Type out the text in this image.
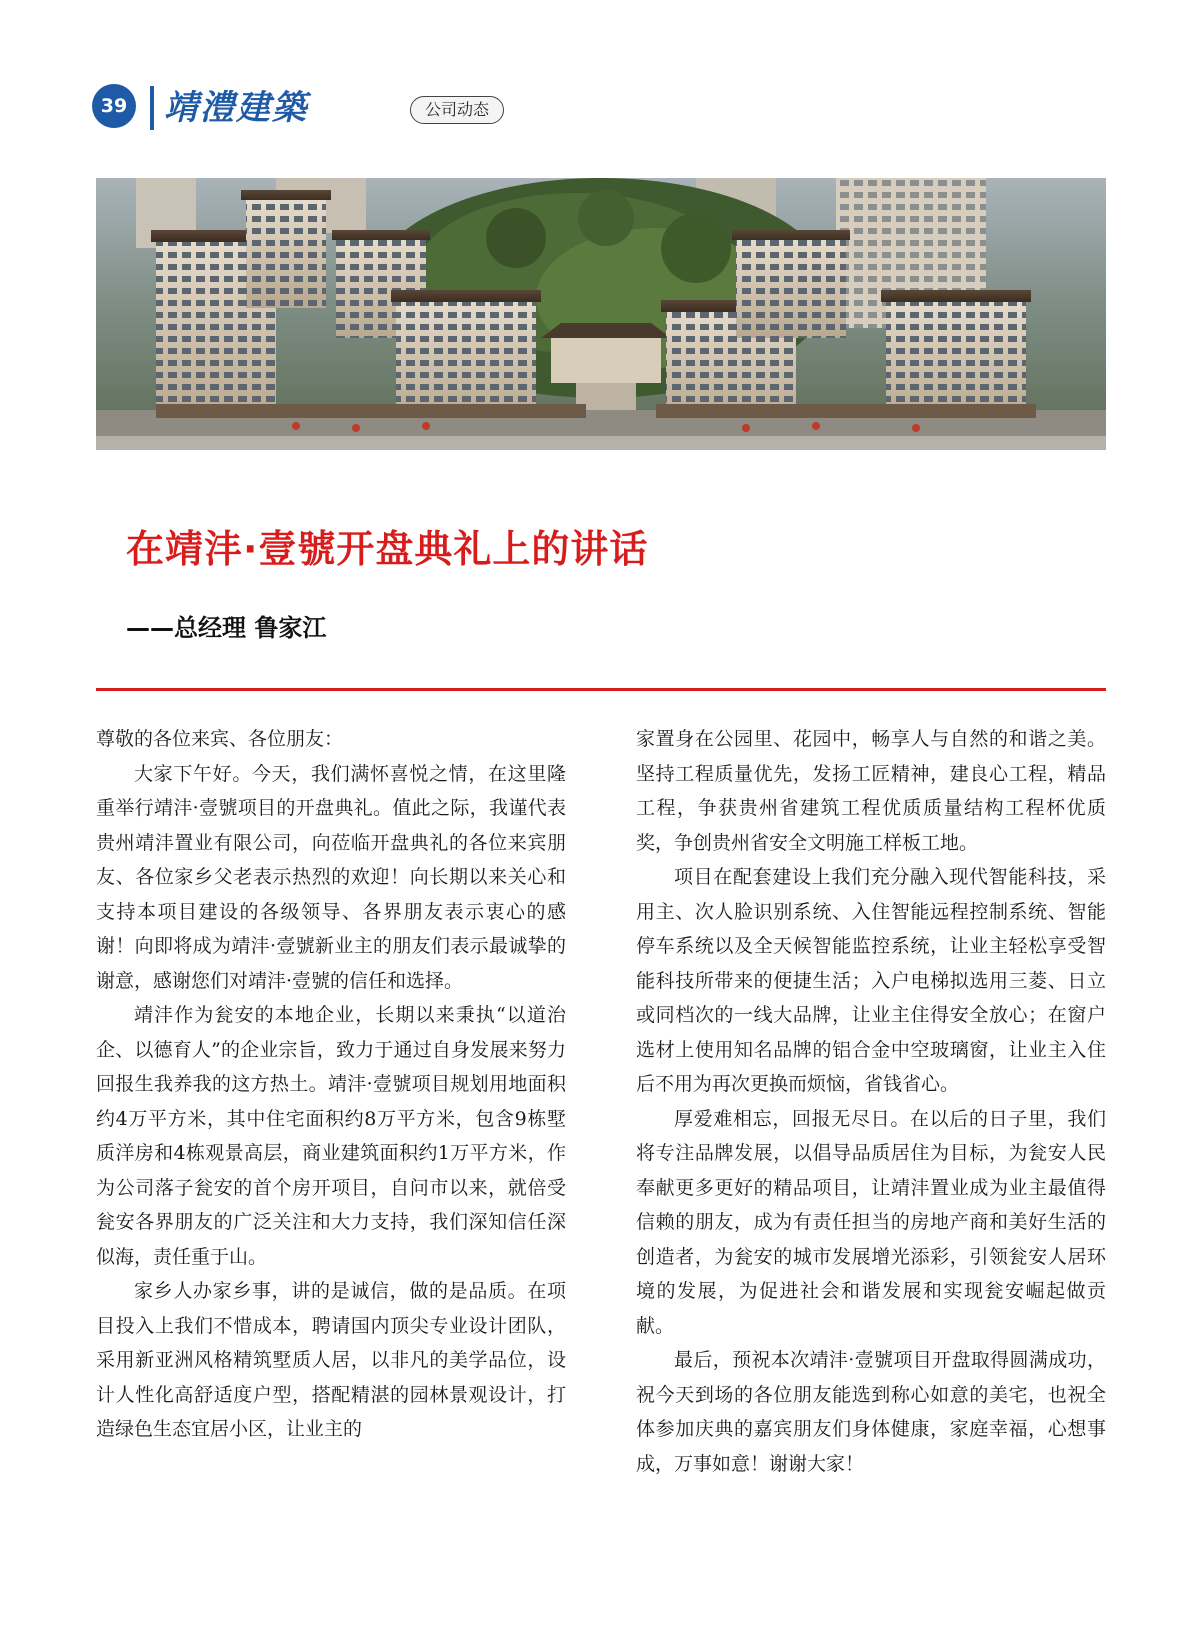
39 靖澧建築	公司动态
在靖沣·壹號开盘典礼上的讲话
——总经理 鲁家江

尊敬的各位来宾、各位朋友：

大家下午好。今天，我们满怀喜悦之情，在这里隆重举行靖沣·壹號项目的开盘典礼。值此之际，我谨代表贵州靖沣置业有限公司，向莅临开盘典礼的各位来宾朋友、各位家乡父老表示热烈的欢迎！向长期以来关心和支持本项目建设的各级领导、各界朋友表示衷心的感谢！向即将成为靖沣·壹號新业主的朋友们表示最诚挚的谢意，感谢您们对靖沣·壹號的信任和选择。

靖沣作为瓮安的本地企业，长期以来秉执“以道治企、以德育人”的企业宗旨，致力于通过自身发展来努力回报生我养我的这方热土。靖沣·壹號项目规划用地面积约4万平方米，其中住宅面积约8万平方米，包含9栋墅质洋房和4栋观景高层，商业建筑面积约1万平方米，作为公司落子瓮安的首个房开项目，自问市以来，就倍受瓮安各界朋友的广泛关注和大力支持，我们深知信任深似海，责任重于山。

家乡人办家乡事，讲的是诚信，做的是品质。在项目投入上我们不惜成本，聘请国内顶尖专业设计团队，采用新亚洲风格精筑墅质人居，以非凡的美学品位，设计人性化高舒适度户型，搭配精湛的园林景观设计，打造绿色生态宜居小区，让业主的

家置身在公园里、花园中，畅享人与自然的和谐之美。坚持工程质量优先，发扬工匠精神，建良心工程，精品工程，争获贵州省建筑工程优质质量结构工程杯优质奖，争创贵州省安全文明施工样板工地。

项目在配套建设上我们充分融入现代智能科技，采用主、次人脸识别系统、入住智能远程控制系统、智能停车系统以及全天候智能监控系统，让业主轻松享受智能科技所带来的便捷生活；入户电梯拟选用三菱、日立或同档次的一线大品牌，让业主住得安全放心；在窗户选材上使用知名品牌的铝合金中空玻璃窗，让业主入住后不用为再次更换而烦恼，省钱省心。

厚爱难相忘，回报无尽日。在以后的日子里，我们将专注品牌发展，以倡导品质居住为目标，为瓮安人民奉献更多更好的精品项目，让靖沣置业成为业主最值得信赖的朋友，成为有责任担当的房地产商和美好生活的创造者，为瓮安的城市发展增光添彩，引领瓮安人居环境的发展，为促进社会和谐发展和实现瓮安崛起做贡献。

最后，预祝本次靖沣·壹號项目开盘取得圆满成功，祝今天到场的各位朋友能选到称心如意的美宅，也祝全体参加庆典的嘉宾朋友们身体健康，家庭幸福，心想事成，万事如意！谢谢大家！
